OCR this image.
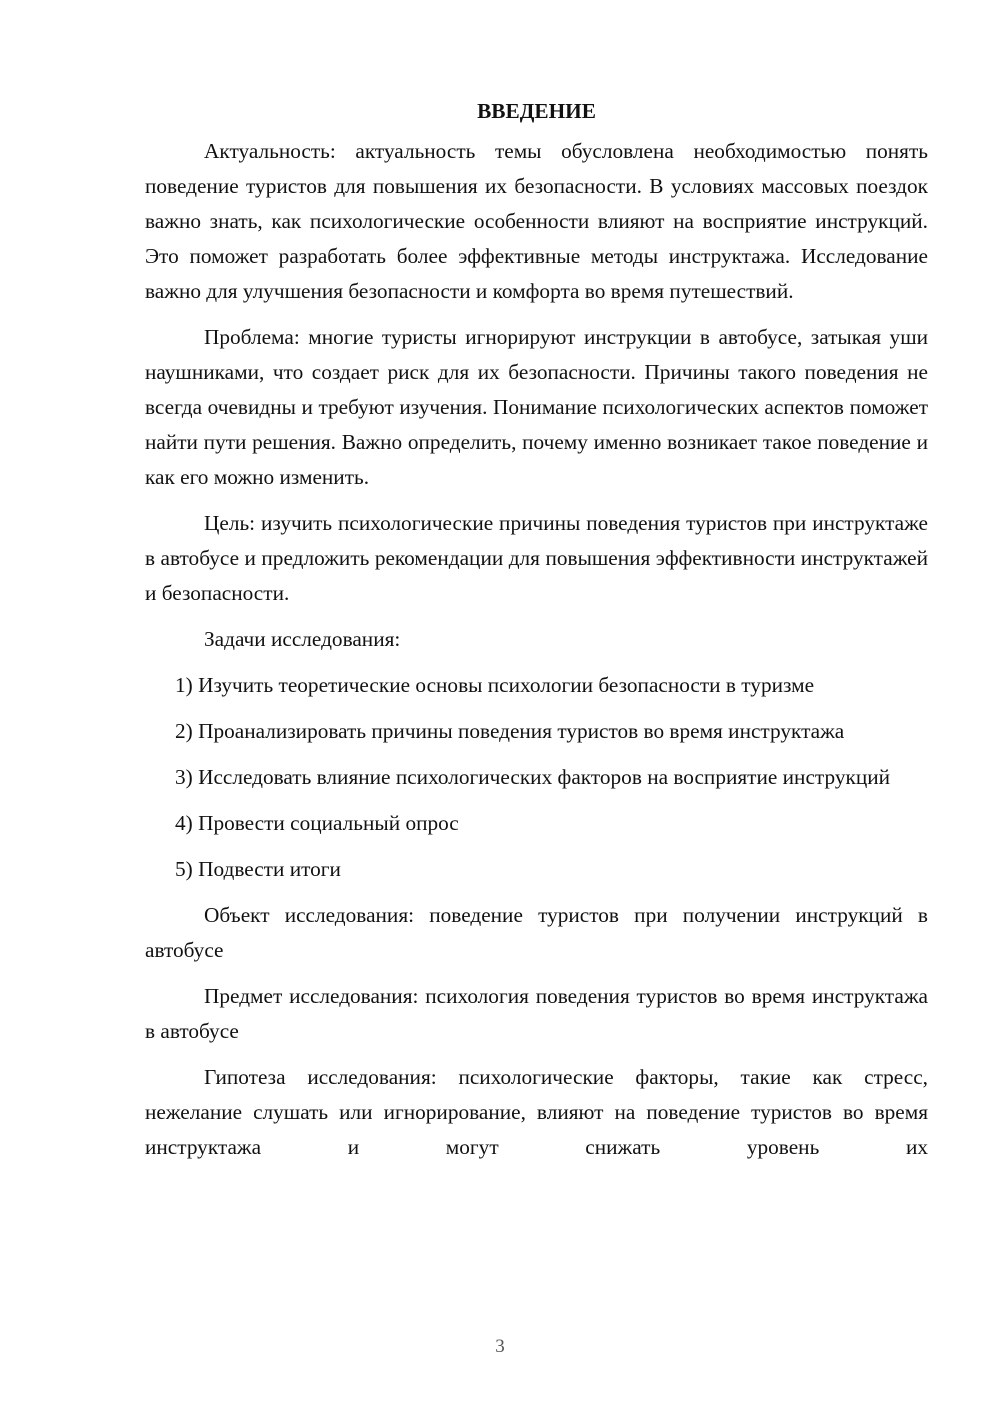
ВВЕДЕНИЕ

Актуальность: актуальность темы обусловлена необходимостью понять поведение туристов для повышения их безопасности. В условиях массовых поездок важно знать, как психологические особенности влияют на восприятие инструкций. Это поможет разработать более эффективные методы инструктажа. Исследование важно для улучшения безопасности и комфорта во время путешествий.

Проблема: многие туристы игнорируют инструкции в автобусе, затыкая уши наушниками, что создает риск для их безопасности. Причины такого поведения не всегда очевидны и требуют изучения. Понимание психологических аспектов поможет найти пути решения. Важно определить, почему именно возникает такое поведение и как его можно изменить.

Цель: изучить психологические причины поведения туристов при инструктаже в автобусе и предложить рекомендации для повышения эффективности инструктажей и безопасности.

Задачи исследования:

1) Изучить теоретические основы психологии безопасности в туризме

2) Проанализировать причины поведения туристов во время инструктажа

3) Исследовать влияние психологических факторов на восприятие инструкций

4) Провести социальный опрос

5) Подвести итоги

Объект исследования: поведение туристов при получении инструкций в автобусе

Предмет исследования: психология поведения туристов во время инструктажа в автобусе

Гипотеза исследования: психологические факторы, такие как стресс, нежелание слушать или игнорирование, влияют на поведение туристов во время инструктажа и могут снижать уровень их

3
